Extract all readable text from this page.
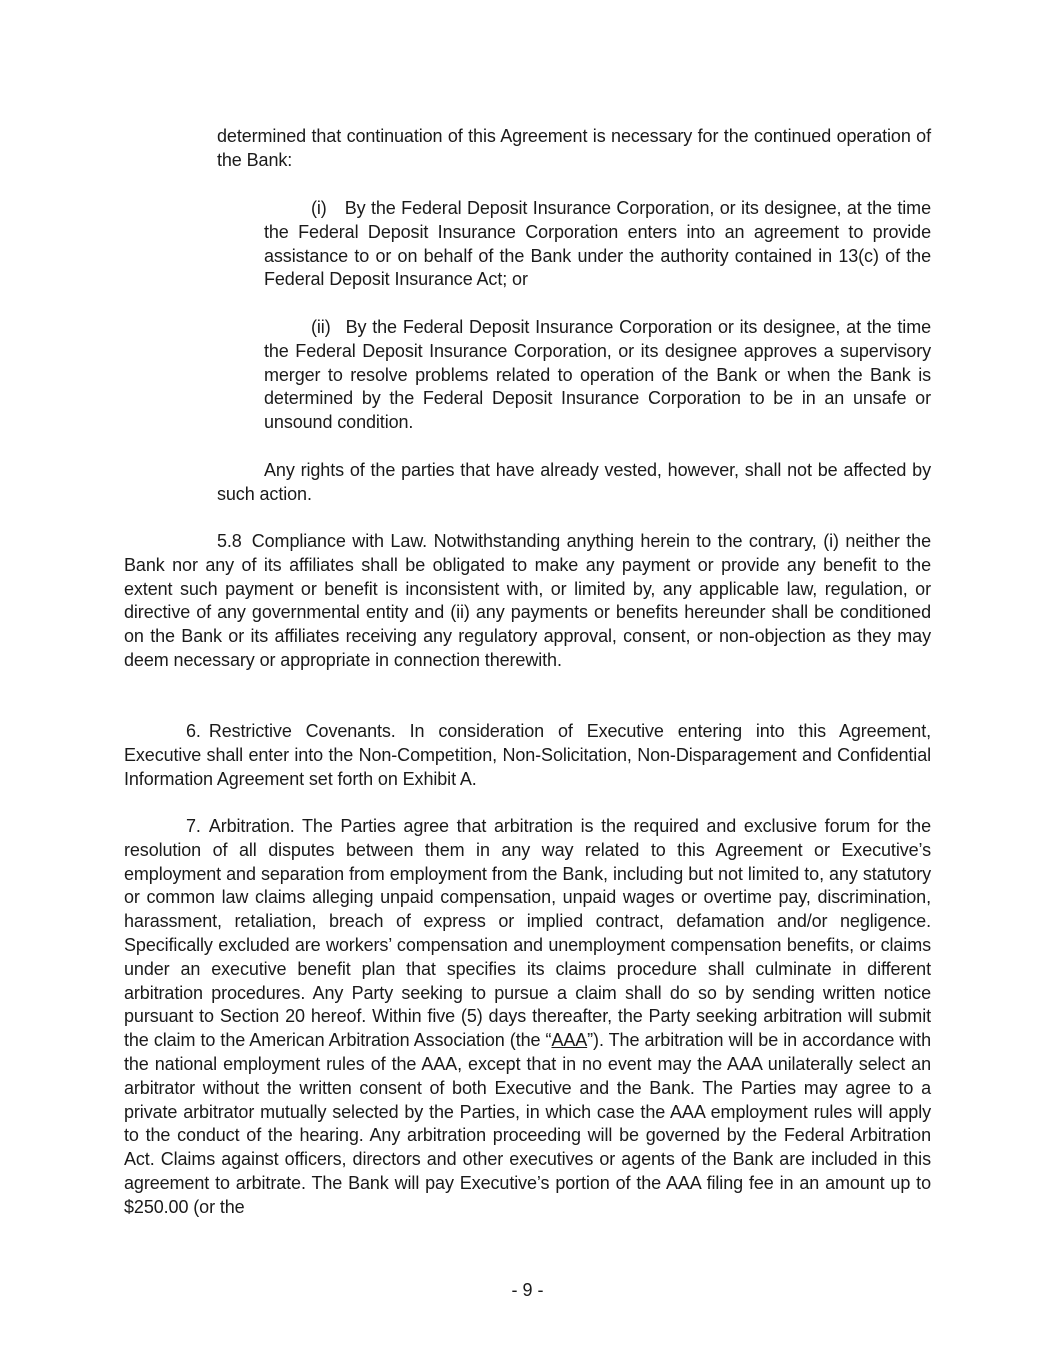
determined that continuation of this Agreement is necessary for the continued operation of the Bank:

(i) By the Federal Deposit Insurance Corporation, or its designee, at the time the Federal Deposit Insurance Corporation enters into an agreement to provide assistance to or on behalf of the Bank under the authority contained in 13(c) of the Federal Deposit Insurance Act; or

(ii) By the Federal Deposit Insurance Corporation or its designee, at the time the Federal Deposit Insurance Corporation, or its designee approves a supervisory merger to resolve problems related to operation of the Bank or when the Bank is determined by the Federal Deposit Insurance Corporation to be in an unsafe or unsound condition.

Any rights of the parties that have already vested, however, shall not be affected by such action.

5.8 Compliance with Law. Notwithstanding anything herein to the contrary, (i) neither the Bank nor any of its affiliates shall be obligated to make any payment or provide any benefit to the extent such payment or benefit is inconsistent with, or limited by, any applicable law, regulation, or directive of any governmental entity and (ii) any payments or benefits hereunder shall be conditioned on the Bank or its affiliates receiving any regulatory approval, consent, or non-objection as they may deem necessary or appropriate in connection therewith.

6. Restrictive Covenants. In consideration of Executive entering into this Agreement, Executive shall enter into the Non-Competition, Non-Solicitation, Non-Disparagement and Confidential Information Agreement set forth on Exhibit A.

7. Arbitration. The Parties agree that arbitration is the required and exclusive forum for the resolution of all disputes between them in any way related to this Agreement or Executive’s employment and separation from employment from the Bank, including but not limited to, any statutory or common law claims alleging unpaid compensation, unpaid wages or overtime pay, discrimination, harassment, retaliation, breach of express or implied contract, defamation and/or negligence. Specifically excluded are workers’ compensation and unemployment compensation benefits, or claims under an executive benefit plan that specifies its claims procedure shall culminate in different arbitration procedures. Any Party seeking to pursue a claim shall do so by sending written notice pursuant to Section 20 hereof. Within five (5) days thereafter, the Party seeking arbitration will submit the claim to the American Arbitration Association (the “AAA”). The arbitration will be in accordance with the national employment rules of the AAA, except that in no event may the AAA unilaterally select an arbitrator without the written consent of both Executive and the Bank. The Parties may agree to a private arbitrator mutually selected by the Parties, in which case the AAA employment rules will apply to the conduct of the hearing. Any arbitration proceeding will be governed by the Federal Arbitration Act. Claims against officers, directors and other executives or agents of the Bank are included in this agreement to arbitrate. The Bank will pay Executive’s portion of the AAA filing fee in an amount up to $250.00 (or the

- 9 -
